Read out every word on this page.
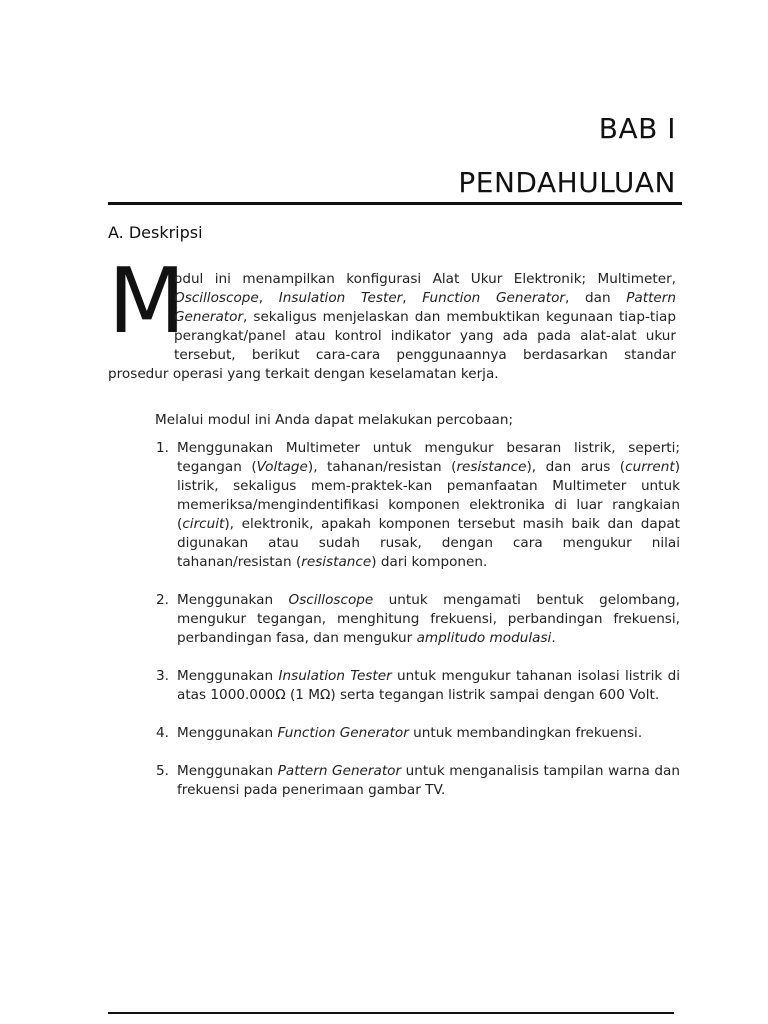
BAB I
PENDAHULUAN
A. Deskripsi
M
odul ini menampilkan konfigurasi Alat Ukur Elektronik; Multimeter,
Oscilloscope, Insulation Tester, Function Generator, dan Pattern
Generator, sekaligus menjelaskan dan membuktikan kegunaan tiap-tiap
perangkat/panel atau kontrol indikator yang ada pada alat-alat ukur
tersebut, berikut cara-cara penggunaannya berdasarkan standar
prosedur operasi yang terkait dengan keselamatan kerja.
Melalui modul ini Anda dapat melakukan percobaan;
1. Menggunakan Multimeter untuk mengukur besaran listrik, seperti; tegangan (Voltage), tahanan/resistan (resistance), dan arus (current) listrik, sekaligus mem-praktek-kan pemanfaatan Multimeter untuk memeriksa/mengindentifikasi komponen elektronika di luar rangkaian (circuit), elektronik, apakah komponen tersebut masih baik dan dapat digunakan atau sudah rusak, dengan cara mengukur nilai tahanan/resistan (resistance) dari komponen.
2. Menggunakan Oscilloscope untuk mengamati bentuk gelombang, mengukur tegangan, menghitung frekuensi, perbandingan frekuensi, perbandingan fasa, dan mengukur amplitudo modulasi.
3. Menggunakan Insulation Tester untuk mengukur tahanan isolasi listrik di atas 1000.000Ω (1 MΩ) serta tegangan listrik sampai dengan 600 Volt.
4. Menggunakan Function Generator untuk membandingkan frekuensi.
5. Menggunakan Pattern Generator untuk menganalisis tampilan warna dan frekuensi pada penerimaan gambar TV.
